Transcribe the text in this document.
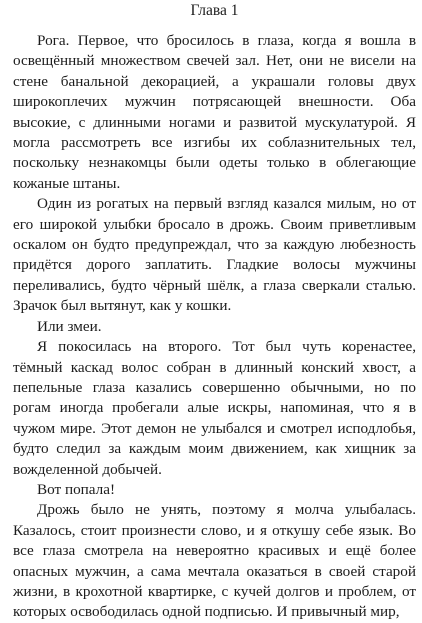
Глава 1

Рога. Первое, что бросилось в глаза, когда я вошла в освещённый множеством свечей зал. Нет, они не висели на стене банальной декорацией, а украшали головы двух широкоплечих мужчин потрясающей внешности. Оба высокие, с длинными ногами и развитой мускулатурой. Я могла рассмотреть все изгибы их соблазнительных тел, поскольку незнакомцы были одеты только в облегающие кожаные штаны.

Один из рогатых на первый взгляд казался милым, но от его широкой улыбки бросало в дрожь. Своим приветливым оскалом он будто предупреждал, что за каждую любезность придётся дорого заплатить. Гладкие волосы мужчины переливались, будто чёрный шёлк, а глаза сверкали сталью. Зрачок был вытянут, как у кошки.

Или змеи.

Я покосилась на второго. Тот был чуть коренастее, тёмный каскад волос собран в длинный конский хвост, а пепельные глаза казались совершенно обычными, но по рогам иногда пробегали алые искры, напоминая, что я в чужом мире. Этот демон не улыбался и смотрел исподлобья, будто следил за каждым моим движением, как хищник за вожделенной добычей.

Вот попала!

Дрожь было не унять, поэтому я молча улыбалась. Казалось, стоит произнести слово, и я откушу себе язык. Во все глаза смотрела на невероятно красивых и ещё более опасных мужчин, а сама мечтала оказаться в своей старой жизни, в крохотной квартирке, с кучей долгов и проблем, от которых освободилась одной подписью. И привычный мир,
